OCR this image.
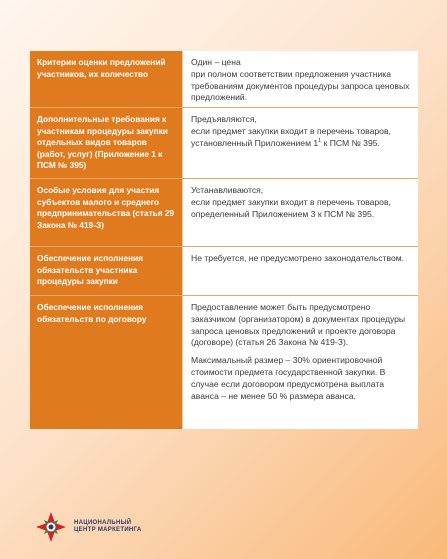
Критерии оценки предложений участников, их количество

Один – цена
при полном соответствии предложения участника требованиям документов процедуры запроса ценовых предложений.

Дополнительные требования к участникам процедуры закупки отдельных видов товаров (работ, услуг) (Приложение 1 к ПСМ № 395)

Предъявляются,
если предмет закупки входит в перечень товаров, установленный Приложением $1^1$ к ПСМ № 395.

Особые условия для участия субъектов малого и среднего предпринимательства (статья 29 Закона № 419-З)

Устанавливаются,
если предмет закупки входит в перечень товаров, определенный Приложением 3 к ПСМ № 395.

Обеспечение исполнения обязательств участника процедуры закупки

Не требуется, не предусмотрено законодательством.

Обеспечение исполнения обязательств по договору

Предоставление может быть предусмотрено заказчиком (организатором) в документах процедуры запроса ценовых предложений и проекте договора (договоре) (статья 26 Закона № 419-З).

Максимальный размер – 30% ориентировочной стоимости предмета государственной закупки. В случае если договором предусмотрена выплата аванса – не менее 50 % размера аванса.

НАЦИОНАЛЬНЫЙ
ЦЕНТР МАРКЕТИНГА
